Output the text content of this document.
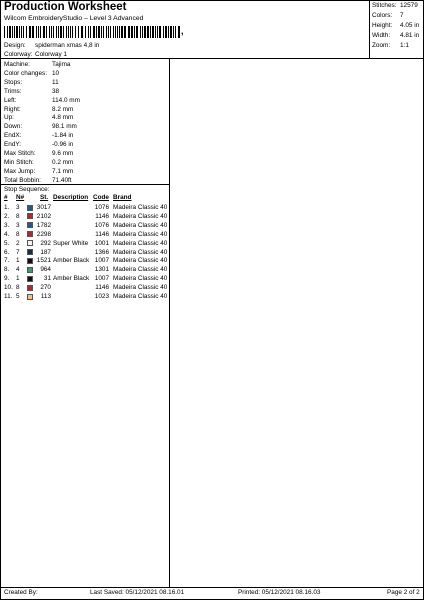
Production Worksheet
Wilcom EmbroideryStudio – Level 3 Advanced
,
Design: spiderman xmas 4,8 in
Colorway: Colorway 1
Stitches: 12579
Colors: 7
Height: 4.05 in
Width: 4.81 in
Zoom: 1:1
Machine:	Tajima
Color changes: 10
Stops:	11
Trims:	38
Left:	114.0 mm
Right:	8.2 mm
Up:	4.8 mm
Down:	98.1 mm
EndX:	-1.84 in
EndY:	-0.96 in
Max Stitch:	9.6 mm
Min Stitch:	0.2 mm
Max Jump:	7.1 mm
Total Bobbin: 71.40ft
Stop Sequence:
# N# St. Description Code Brand
1. 3	3017	1076 Madeira Classic 40
2. 8	2102	1146 Madeira Classic 40
3. 3	1782	1076 Madeira Classic 40
4. 8	2298	1146 Madeira Classic 40
5. 2	292 Super White	1001 Madeira Classic 40
6. 7	187	1366 Madeira Classic 40
7. 1	1521 Amber Black 1007 Madeira Classic 40
8. 4	964	1301 Madeira Classic 40
9. 1	31 Amber Black 1007 Madeira Classic 40
10. 8	270	1146 Madeira Classic 40
11. 5	113	1023 Madeira Classic 40
Created By:	Last Saved: 05/12/2021 08.16.01	Printed: 05/12/2021 08.16.03	Page 2 of 2
